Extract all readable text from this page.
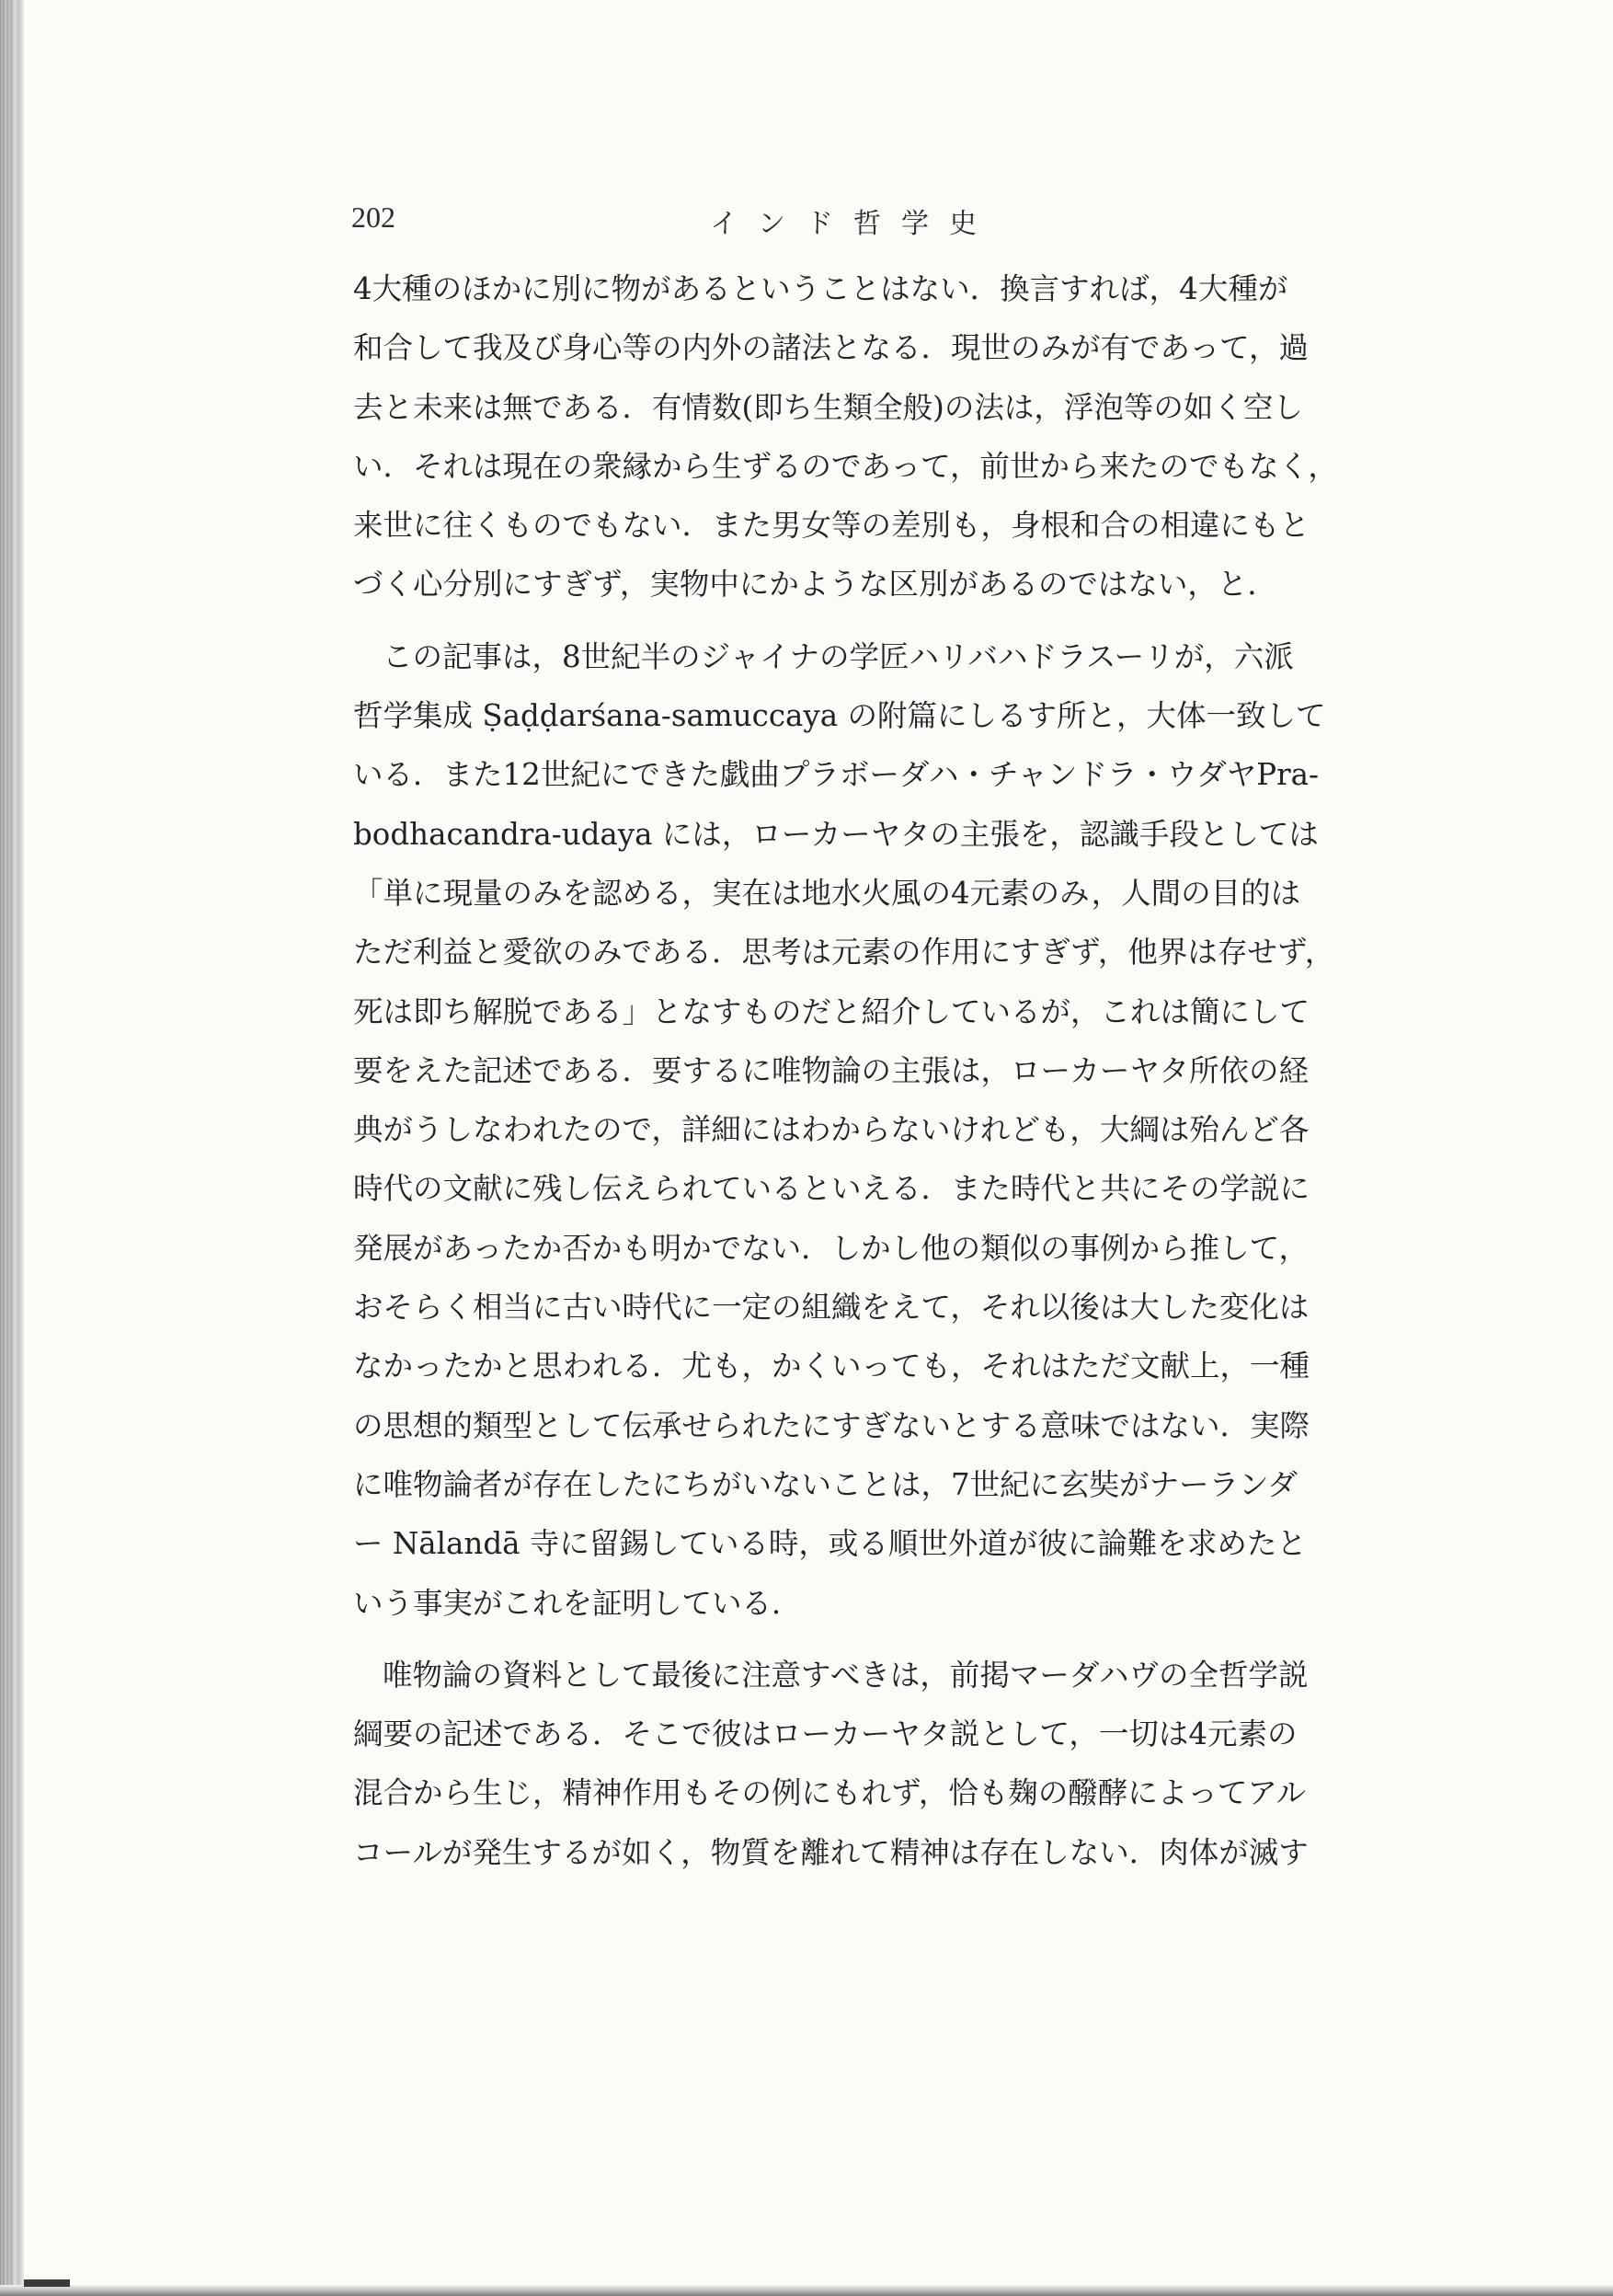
202	インド哲学史
4大種のほかに別に物があるということはない．換言すれば，4大種が
和合して我及び身心等の内外の諸法となる．現世のみが有であって，過
去と未来は無である．有情数(即ち生類全般)の法は，浮泡等の如く空し
い．それは現在の衆縁から生ずるのであって，前世から来たのでもなく，
来世に往くものでもない．また男女等の差別も，身根和合の相違にもと
づく心分別にすぎず，実物中にかような区別があるのではない，と．
この記事は，8世紀半のジャイナの学匠ハリバハドラスーリが，六派
哲学集成 Ṣaḍḍarśana-samuccaya の附篇にしるす所と，大体一致して
いる．また12世紀にできた戯曲プラボーダハ・チャンドラ・ウダヤPra-
bodhacandra-udaya には，ローカーヤタの主張を，認識手段としては
「単に現量のみを認める，実在は地水火風の4元素のみ，人間の目的は
ただ利益と愛欲のみである．思考は元素の作用にすぎず，他界は存せず，
死は即ち解脱である」となすものだと紹介しているが，これは簡にして
要をえた記述である．要するに唯物論の主張は，ローカーヤタ所依の経
典がうしなわれたので，詳細にはわからないけれども，大綱は殆んど各
時代の文献に残し伝えられているといえる．また時代と共にその学説に
発展があったか否かも明かでない．しかし他の類似の事例から推して，
おそらく相当に古い時代に一定の組織をえて，それ以後は大した変化は
なかったかと思われる．尤も，かくいっても，それはただ文献上，一種
の思想的類型として伝承せられたにすぎないとする意味ではない．実際
に唯物論者が存在したにちがいないことは，7世紀に玄奘がナーランダ
ー Nālandā 寺に留錫している時，或る順世外道が彼に論難を求めたと
いう事実がこれを証明している．
唯物論の資料として最後に注意すべきは，前掲マーダハヴの全哲学説
綱要の記述である．そこで彼はローカーヤタ説として，一切は4元素の
混合から生じ，精神作用もその例にもれず，恰も麹の醱酵によってアル
コールが発生するが如く，物質を離れて精神は存在しない．肉体が滅す
